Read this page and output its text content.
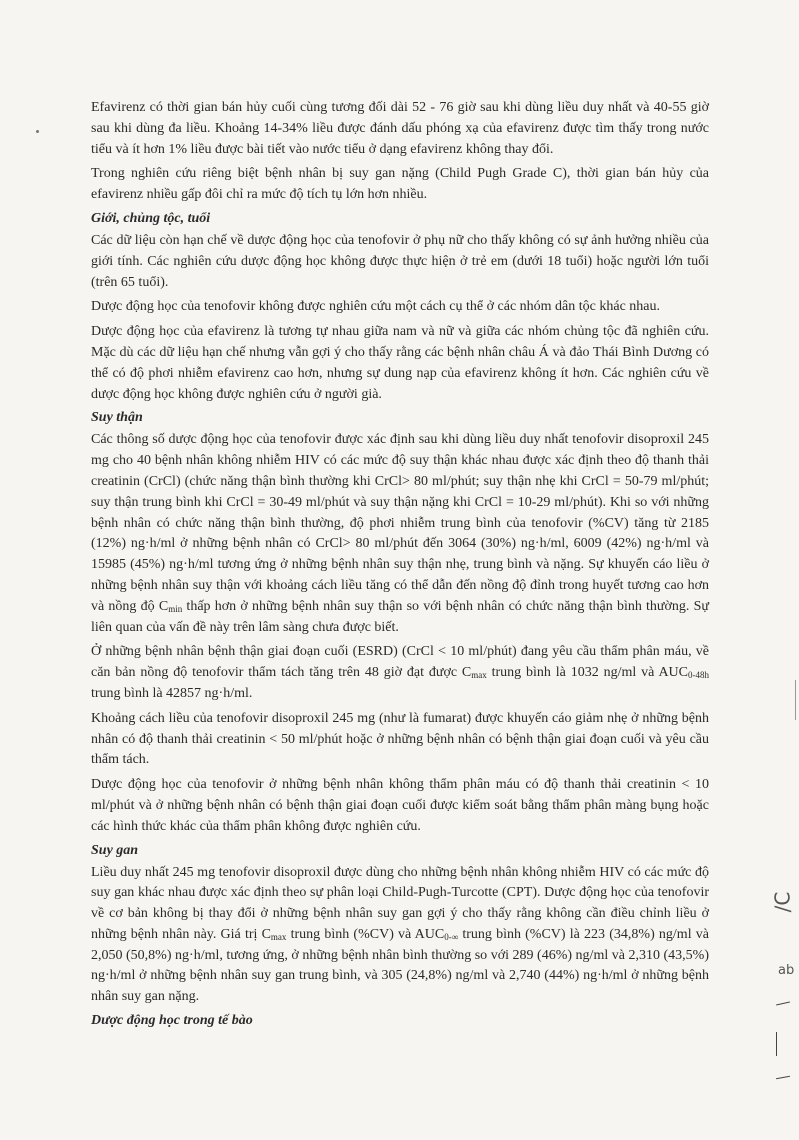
Efavirenz có thời gian bán hủy cuối cùng tương đối dài 52 - 76 giờ sau khi dùng liều duy nhất và 40-55 giờ sau khi dùng đa liều. Khoảng 14-34% liều được đánh dấu phóng xạ của efavirenz được tìm thấy trong nước tiểu và ít hơn 1% liều được bài tiết vào nước tiểu ở dạng efavirenz không thay đổi.

Trong nghiên cứu riêng biệt bệnh nhân bị suy gan nặng (Child Pugh Grade C), thời gian bán hủy của efavirenz nhiều gấp đôi chỉ ra mức độ tích tụ lớn hơn nhiều.

Giới, chủng tộc, tuổi

Các dữ liệu còn hạn chế về dược động học của tenofovir ở phụ nữ cho thấy không có sự ảnh hưởng nhiều của giới tính. Các nghiên cứu dược động học không được thực hiện ở trẻ em (dưới 18 tuổi) hoặc người lớn tuổi (trên 65 tuổi).

Dược động học của tenofovir không được nghiên cứu một cách cụ thể ở các nhóm dân tộc khác nhau.

Dược động học của efavirenz là tương tự nhau giữa nam và nữ và giữa các nhóm chủng tộc đã nghiên cứu. Mặc dù các dữ liệu hạn chế nhưng vẫn gợi ý cho thấy rằng các bệnh nhân châu Á và đảo Thái Bình Dương có thể có độ phơi nhiễm efavirenz cao hơn, nhưng sự dung nạp của efavirenz không ít hơn. Các nghiên cứu về dược động học không được nghiên cứu ở người già.

Suy thận

Các thông số dược động học của tenofovir được xác định sau khi dùng liều duy nhất tenofovir disoproxil 245 mg cho 40 bệnh nhân không nhiễm HIV có các mức độ suy thận khác nhau được xác định theo độ thanh thải creatinin (CrCl) (chức năng thận bình thường khi CrCl> 80 ml/phút; suy thận nhẹ khi CrCl = 50-79 ml/phút; suy thận trung bình khi CrCl = 30-49 ml/phút và suy thận nặng khi CrCl = 10-29 ml/phút). Khi so với những bệnh nhân có chức năng thận bình thường, độ phơi nhiễm trung bình của tenofovir (%CV) tăng từ 2185 (12%) ng·h/ml ở những bệnh nhân có CrCl> 80 ml/phút đến 3064 (30%) ng·h/ml, 6009 (42%) ng·h/ml và 15985 (45%) ng·h/ml tương ứng ở những bệnh nhân suy thận nhẹ, trung bình và nặng. Sự khuyến cáo liều ở những bệnh nhân suy thận với khoảng cách liều tăng có thể dẫn đến nồng độ đỉnh trong huyết tương cao hơn và nồng độ $C_{min}$ thấp hơn ở những bệnh nhân suy thận so với bệnh nhân có chức năng thận bình thường. Sự liên quan của vấn đề này trên lâm sàng chưa được biết.

Ở những bệnh nhân bệnh thận giai đoạn cuối (ESRD) (CrCl < 10 ml/phút) đang yêu cầu thẩm phân máu, về căn bản nồng độ tenofovir thẩm tách tăng trên 48 giờ đạt được $C_{max}$ trung bình là 1032 ng/ml và $AUC_{0-48h}$ trung bình là 42857 ng·h/ml.

Khoảng cách liều của tenofovir disoproxil 245 mg (như là fumarat) được khuyến cáo giảm nhẹ ở những bệnh nhân có độ thanh thải creatinin < 50 ml/phút hoặc ở những bệnh nhân có bệnh thận giai đoạn cuối và yêu cầu thẩm tách.

Dược động học của tenofovir ở những bệnh nhân không thẩm phân máu có độ thanh thải creatinin < 10 ml/phút và ở những bệnh nhân có bệnh thận giai đoạn cuối được kiểm soát bằng thẩm phân màng bụng hoặc các hình thức khác của thẩm phân không được nghiên cứu.

Suy gan

Liều duy nhất 245 mg tenofovir disoproxil được dùng cho những bệnh nhân không nhiễm HIV có các mức độ suy gan khác nhau được xác định theo sự phân loại Child-Pugh-Turcotte (CPT). Dược động học của tenofovir về cơ bản không bị thay đổi ở những bệnh nhân suy gan gợi ý cho thấy rằng không cần điều chỉnh liều ở những bệnh nhân này. Giá trị $C_{max}$ trung bình (%CV) và $AUC_{0-\infty}$ trung bình (%CV) là 223 (34,8%) ng/ml và 2,050 (50,8%) ng·h/ml, tương ứng, ở những bệnh nhân bình thường so với 289 (46%) ng/ml và 2,310 (43,5%) ng·h/ml ở những bệnh nhân suy gan trung bình, và 305 (24,8%) ng/ml và 2,740 (44%) ng·h/ml ở những bệnh nhân suy gan nặng.

Dược động học trong tế bào
/C
ab
